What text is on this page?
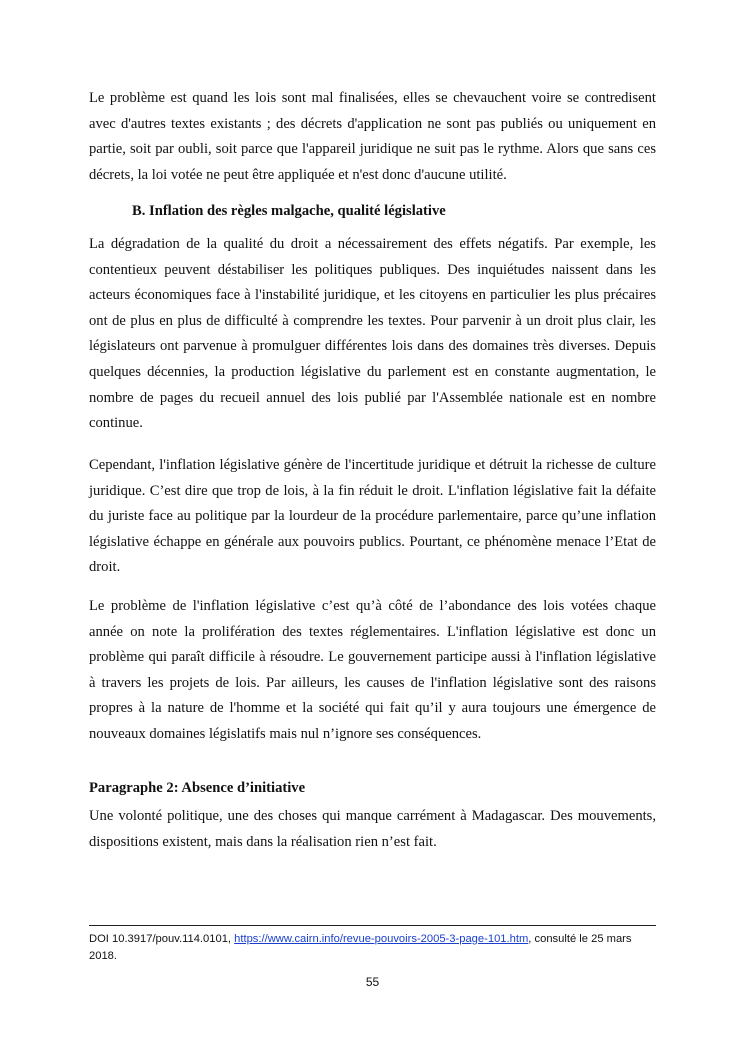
Le problème est quand les lois sont mal finalisées, elles se chevauchent voire se contredisent avec d'autres textes existants ; des décrets d'application ne sont pas publiés ou uniquement en partie, soit par oubli, soit parce que l'appareil juridique ne suit pas le rythme. Alors que sans ces décrets, la loi votée ne peut être appliquée et n'est donc d'aucune utilité.

B. Inflation des règles malgache, qualité législative

La dégradation de la qualité du droit a nécessairement des effets négatifs. Par exemple, les contentieux peuvent déstabiliser les politiques publiques. Des inquiétudes naissent dans les acteurs économiques face à l'instabilité juridique, et les citoyens en particulier les plus précaires ont de plus en plus de difficulté à comprendre les textes. Pour parvenir à un droit plus clair, les législateurs ont parvenue à promulguer différentes lois dans des domaines très diverses. Depuis quelques décennies, la production législative du parlement est en constante augmentation, le nombre de pages du recueil annuel des lois publié par l'Assemblée nationale est en nombre continue.

Cependant, l'inflation législative génère de l'incertitude juridique et détruit la richesse de culture juridique. C’est dire que trop de lois, à la fin réduit le droit. L'inflation législative fait la défaite du juriste face au politique par la lourdeur de la procédure parlementaire, parce qu’une inflation législative échappe en générale aux pouvoirs publics. Pourtant, ce phénomène menace l’Etat de droit.

Le problème de l'inflation législative c’est qu’à côté de l’abondance des lois votées chaque année on note la prolifération des textes réglementaires. L'inflation législative est donc un problème qui paraît difficile à résoudre. Le gouvernement participe aussi à l'inflation législative à travers les projets de lois. Par ailleurs, les causes de l'inflation législative sont des raisons propres à la nature de l'homme et la société qui fait qu’il y aura toujours une émergence de nouveaux domaines législatifs mais nul n’ignore ses conséquences.

Paragraphe 2: Absence d’initiative

Une volonté politique, une des choses qui manque carrément à Madagascar. Des mouvements, dispositions existent, mais dans la réalisation rien n’est fait.

DOI 10.3917/pouv.114.0101, https://www.cairn.info/revue-pouvoirs-2005-3-page-101.htm, consulté le 25 mars 2018.
55
